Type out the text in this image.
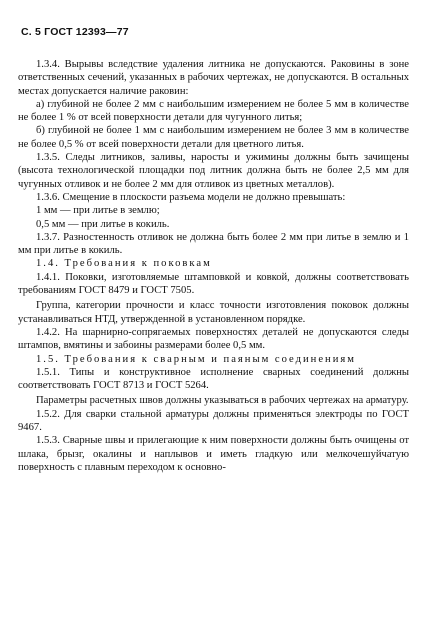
С. 5 ГОСТ 12393—77

1.3.4. Вырывы вследствие удаления литника не допускаются. Раковины в зоне ответственных сечений, указанных в рабочих чертежах, не допускаются. В остальных местах допускается наличие раковин:

а) глубиной не более 2 мм с наибольшим измерением не более 5 мм в количестве не более 1 % от всей поверхности детали для чугунного литья;

б) глубиной не более 1 мм с наибольшим измерением не более 3 мм в количестве не более 0,5 % от всей поверхности детали для цветного литья.

1.3.5. Следы литников, заливы, наросты и ужимины должны быть зачищены (высота технологической площадки под литник должна быть не более 2,5 мм для чугунных отливок и не более 2 мм для отливок из цветных металлов).

1.3.6. Смещение в плоскости разъема модели не должно превышать:

1 мм — при литье в землю;

0,5 мм — при литье в кокиль.

1.3.7. Разностенность отливок не должна быть более 2 мм при литье в землю и 1 мм при литье в кокиль.

1.4. Требования к поковкам

1.4.1. Поковки, изготовляемые штамповкой и ковкой, должны соответствовать требованиям ГОСТ 8479 и ГОСТ 7505.

Группа, категории прочности и класс точности изготовления поковок должны устанавливаться НТД, утвержденной в установленном порядке.

1.4.2. На шарнирно-сопрягаемых поверхностях деталей не допускаются следы штампов, вмятины и забоины размерами более 0,5 мм.

1.5. Требования к сварным и паяным соединениям

1.5.1. Типы и конструктивное исполнение сварных соединений должны соответствовать ГОСТ 8713 и ГОСТ 5264.

Параметры расчетных швов должны указываться в рабочих чертежах на арматуру.

1.5.2. Для сварки стальной арматуры должны применяться электроды по ГОСТ 9467.

1.5.3. Сварные швы и прилегающие к ним поверхности должны быть очищены от шлака, брызг, окалины и наплывов и иметь гладкую или мелкочешуйчатую поверхность с плавным переходом к основно-
